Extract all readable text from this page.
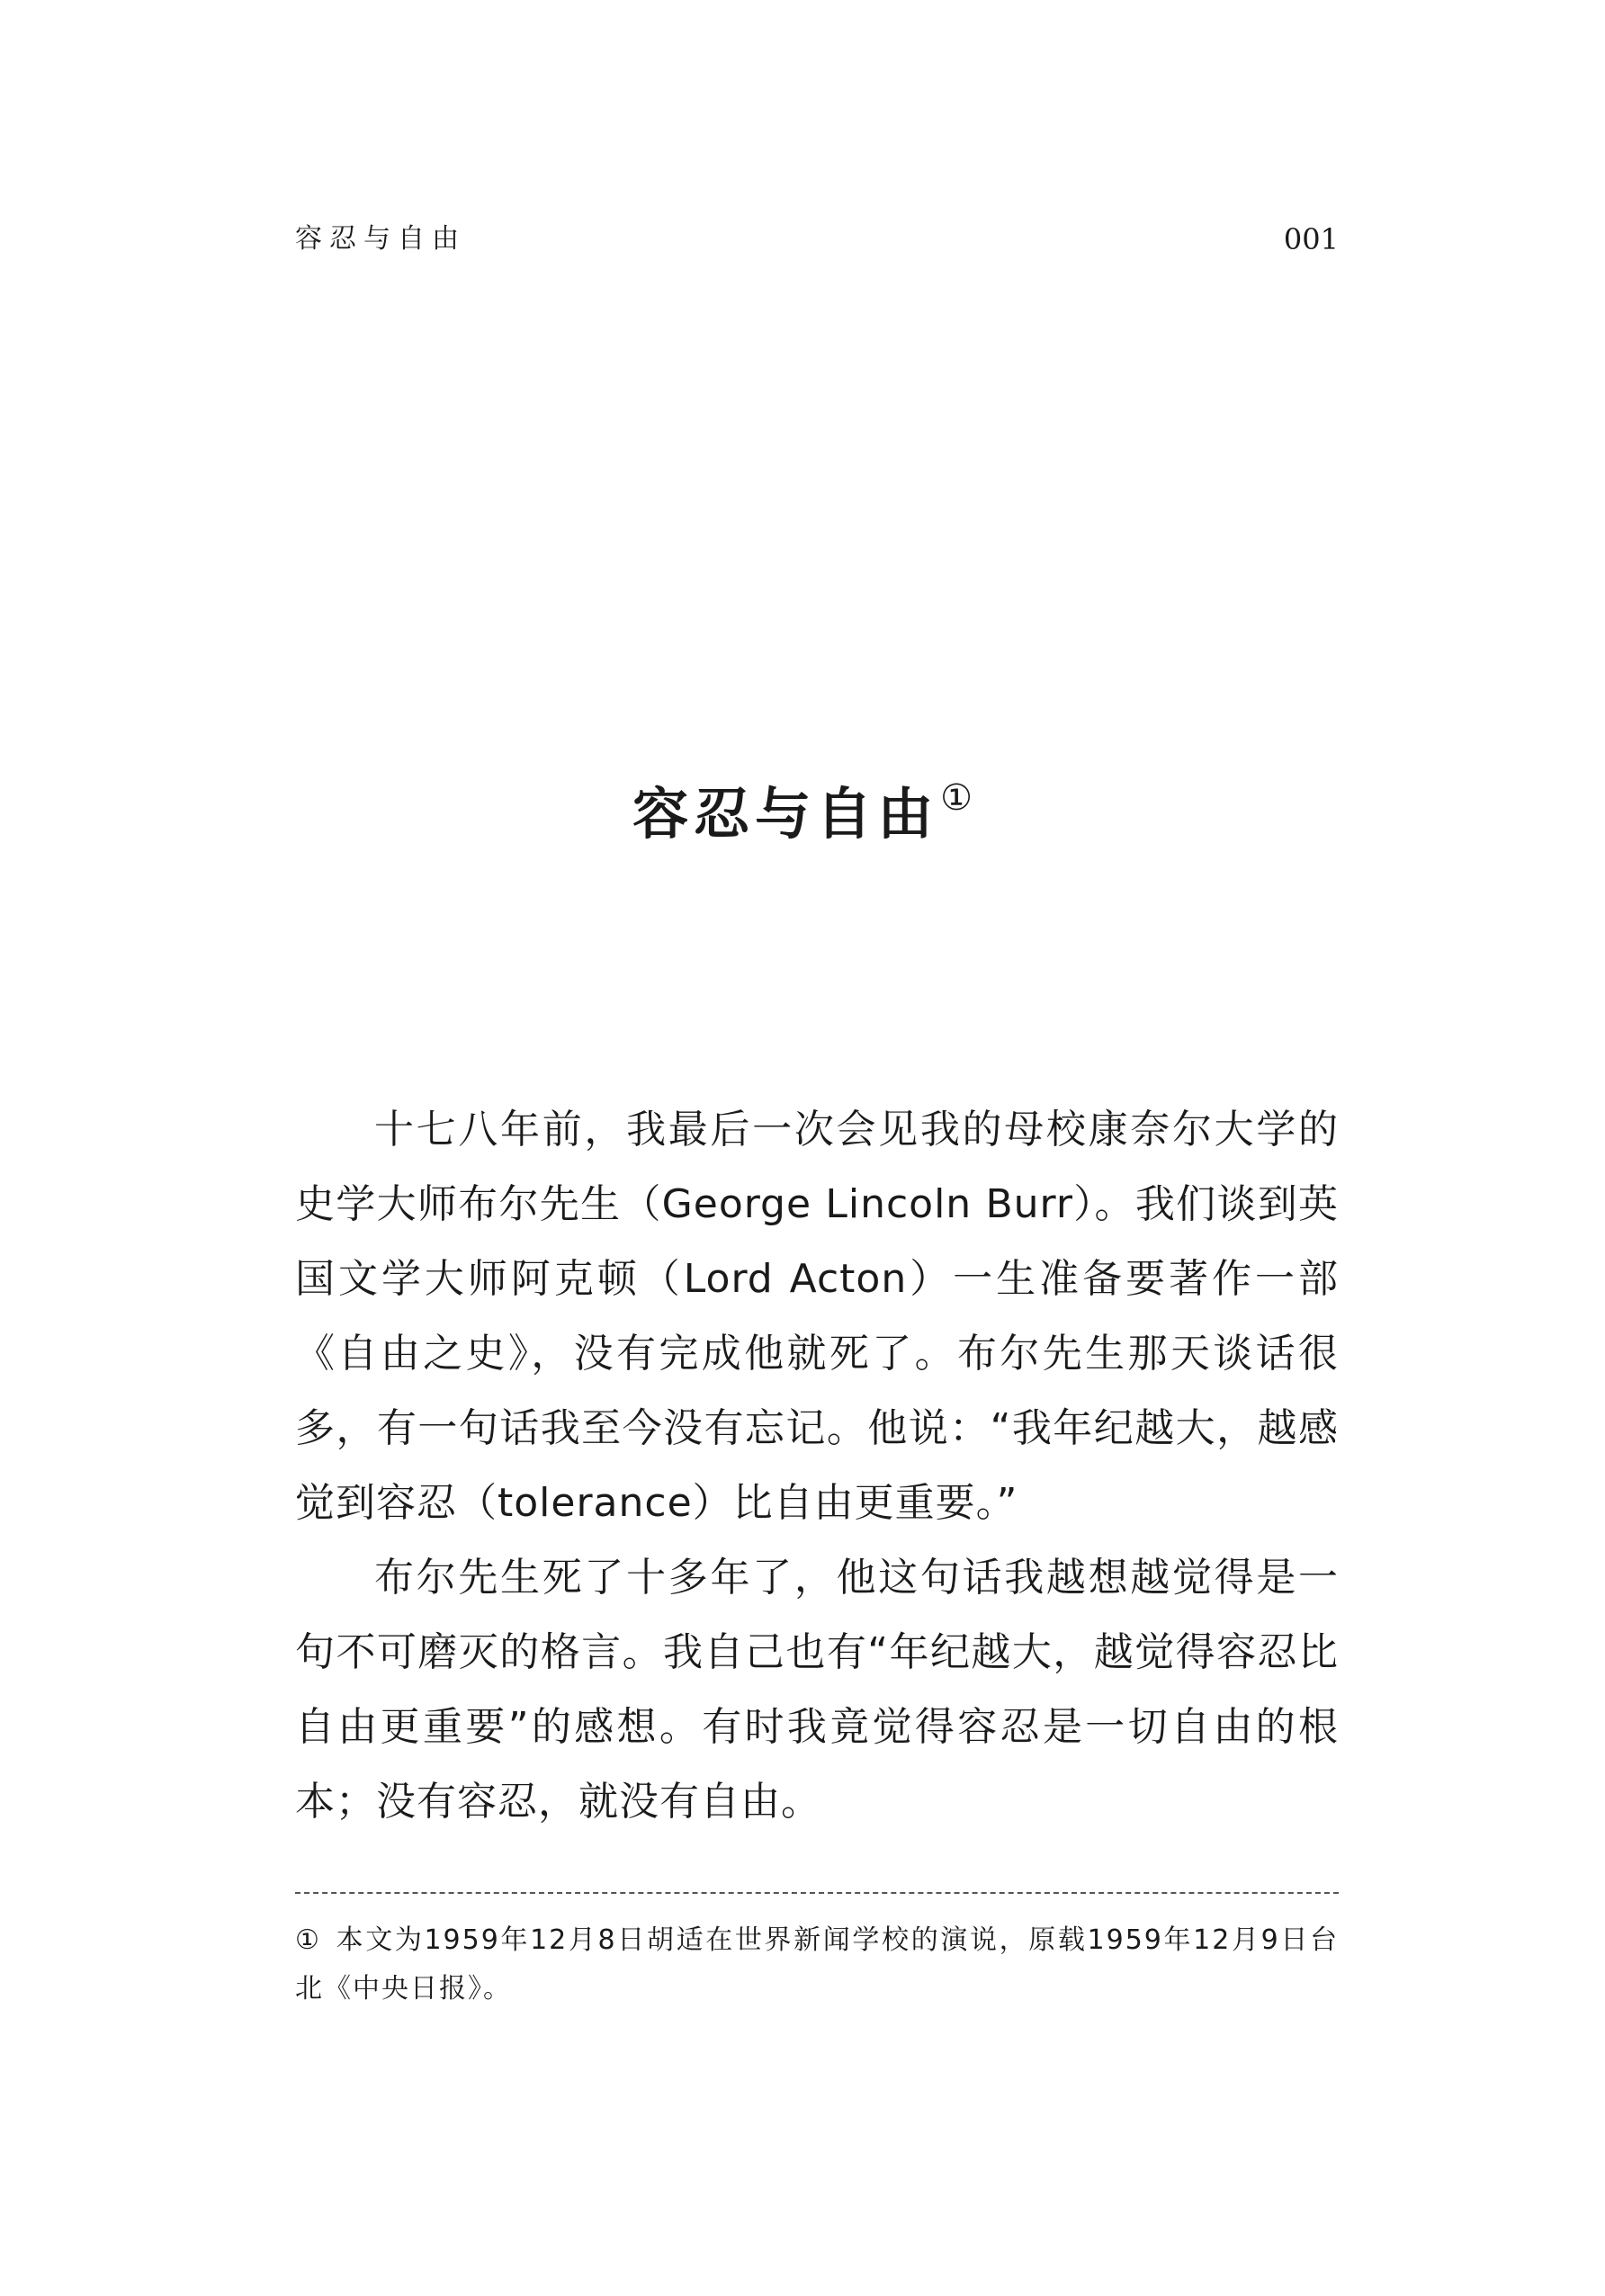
容忍与自由	001
容忍与自由①

十七八年前，我最后一次会见我的母校康奈尔大学的史学大师布尔先生（George Lincoln Burr）。我们谈到英国文学大师阿克顿（Lord Acton）一生准备要著作一部《自由之史》，没有完成他就死了。布尔先生那天谈话很多，有一句话我至今没有忘记。他说：“我年纪越大，越感觉到容忍（tolerance）比自由更重要。”

布尔先生死了十多年了，他这句话我越想越觉得是一句不可磨灭的格言。我自己也有“年纪越大，越觉得容忍比自由更重要”的感想。有时我竟觉得容忍是一切自由的根本；没有容忍，就没有自由。

① 本文为1959年12月8日胡适在世界新闻学校的演说，原载1959年12月9日台北《中央日报》。
